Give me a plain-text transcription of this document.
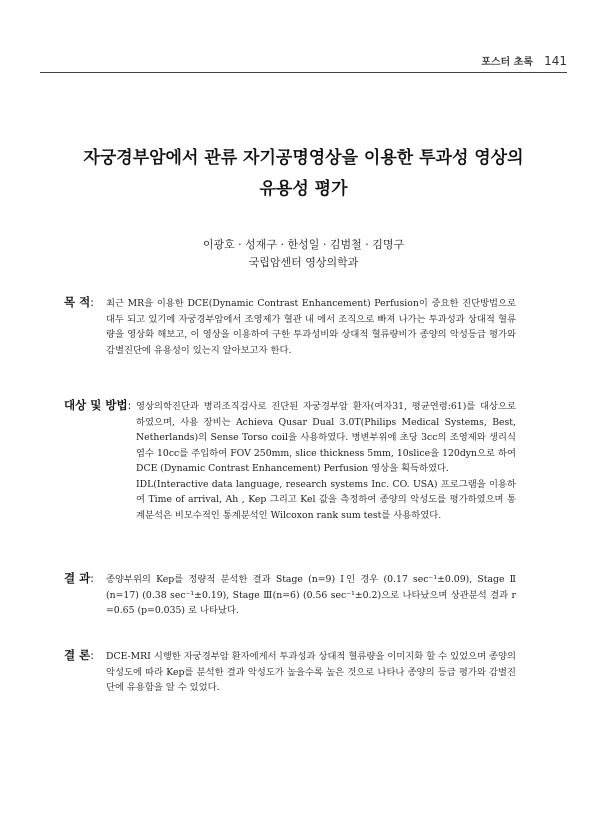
포스터 초록 141
자궁경부암에서 관류 자기공명영상을 이용한 투과성 영상의
유용성 평가
이광호 · 성재구 · 한성일 · 김범철 · 김명구
국립암센터 영상의학과
목 적: 최근 MR을 이용한 DCE(Dynamic Contrast Enhancement) Perfusion이 중요한 진단방법으로 대두 되고 있기에 자궁경부암에서 조영제가 혈관 내 에서 조직으로 빠져 나가는 투과성과 상대적 혈류량을 영상화 해보고, 이 영상을 이용하여 구한 투과성비와 상대적 혈류량비가 종양의 악성등급 평가와 감별진단에 유용성이 있는지 알아보고자 한다.

대상 및 방법: 영상의학진단과 병리조직검사로 진단된 자궁경부암 환자(여자31, 평균연령:61)를 대상으로 하였으며, 사용 장비는 Achieva Qusar Dual 3.0T(Philips Medical Systems, Best, Netherlands)의 Sense Torso coil을 사용하였다. 병변부위에 초당 3cc의 조영제와 생리식염수 10cc를 주입하여 FOV 250mm, slice thickness 5mm, 10slice을 120dyn으로 하여 DCE (Dynamic Contrast Enhancement) Perfusion 영상을 획득하였다.

IDL(Interactive data language, research systems Inc. CO. USA) 프로그램을 이용하여 Time of arrival, Ah , Kep 그리고 Kel 값을 측정하여 종양의 악성도를 평가하였으며 통계분석은 비모수적인 통계분석인 Wilcoxon rank sum test를 사용하였다.

결 과: 종양부위의 Kep를 정량적 분석한 결과 Stage (n=9) Ⅰ인 경우 (0.17 sec⁻¹±0.09), Stage Ⅱ (n=17) (0.38 sec⁻¹±0.19), Stage Ⅲ(n=6) (0.56 sec⁻¹±0.2)으로 나타났으며 상관분석 결과 r =0.65 (p=0.035) 로 나타났다.

결 론: DCE-MRI 시행한 자궁경부암 환자에게서 투과성과 상대적 혈류량을 이미지화 할 수 있었으며 종양의 악성도에 따라 Kep를 분석한 결과 악성도가 높을수록 높은 것으로 나타나 종양의 등급 평가와 감별진단에 유용함을 알 수 있었다.
